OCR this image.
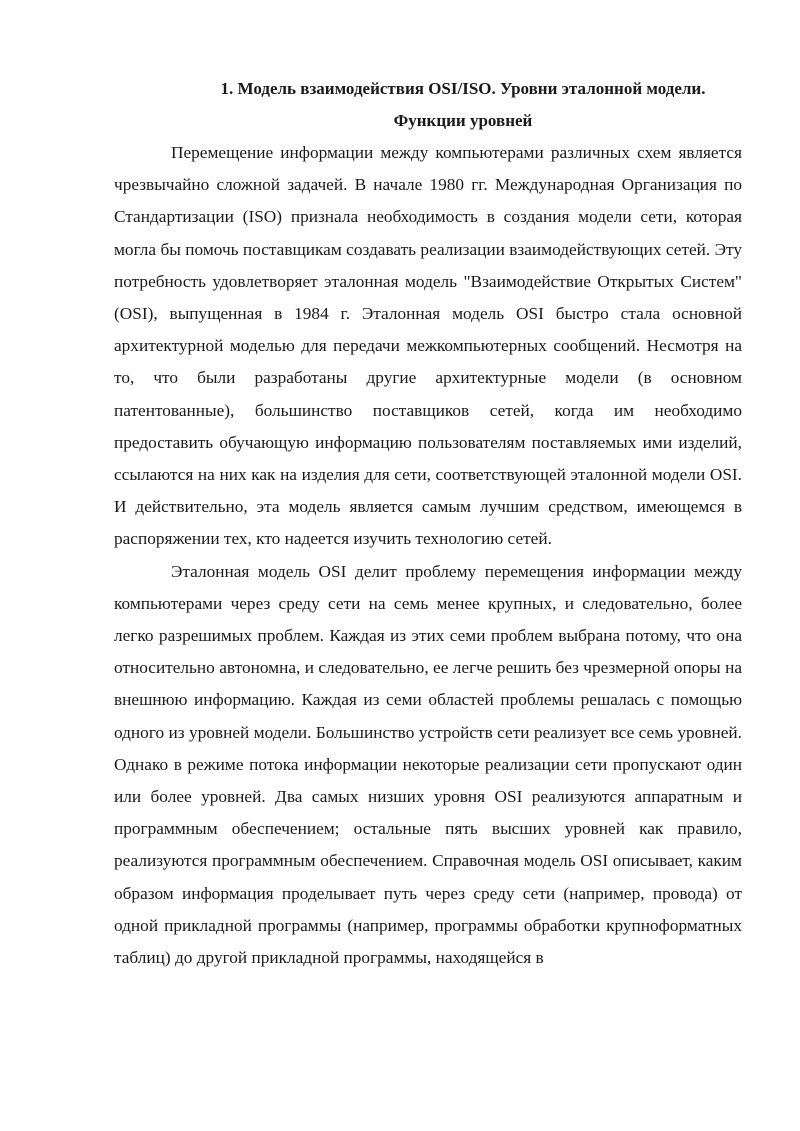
1. Модель взаимодействия OSI/ISO. Уровни эталонной модели.
Функции уровней

Перемещение информации между компьютерами различных схем является чрезвычайно сложной задачей. В начале 1980 гг. Международная Организация по Стандартизации (ISO) признала необходимость в создания модели сети, которая могла бы помочь поставщикам создавать реализации взаимодействующих сетей. Эту потребность удовлетворяет эталонная модель "Взаимодействие Открытых Систем" (OSI), выпущенная в 1984 г. Эталонная модель OSI быстро стала основной архитектурной моделью для передачи межкомпьютерных сообщений. Несмотря на то, что были разработаны другие архитектурные модели (в основном патентованные), большинство поставщиков сетей, когда им необходимо предоставить обучающую информацию пользователям поставляемых ими изделий, ссылаются на них как на изделия для сети, соответствующей эталонной модели OSI. И действительно, эта модель является самым лучшим средством, имеющемся в распоряжении тех, кто надеется изучить технологию сетей.

Эталонная модель OSI делит проблему перемещения информации между компьютерами через среду сети на семь менее крупных, и следовательно, более легко разрешимых проблем. Каждая из этих семи проблем выбрана потому, что она относительно автономна, и следовательно, ее легче решить без чрезмерной опоры на внешнюю информацию. Каждая из семи областей проблемы решалась с помощью одного из уровней модели. Большинство устройств сети реализует все семь уровней. Однако в режиме потока информации некоторые реализации сети пропускают один или более уровней. Два самых низших уровня OSI реализуются аппаратным и программным обеспечением; остальные пять высших уровней как правило, реализуются программным обеспечением. Справочная модель OSI описывает, каким образом информация проделывает путь через среду сети (например, провода) от одной прикладной программы (например, программы обработки крупноформатных таблиц) до другой прикладной программы, находящейся в
